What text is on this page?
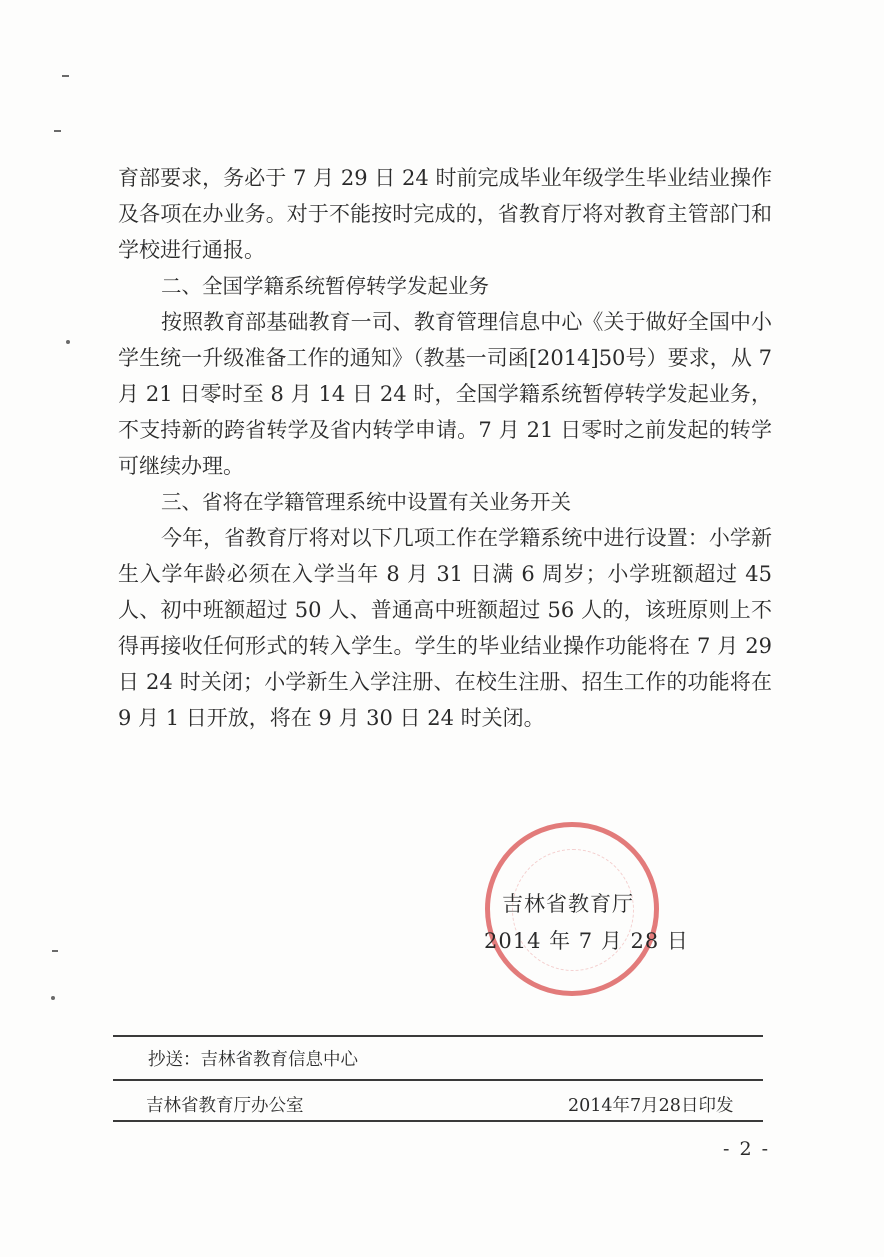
育部要求，务必于 7 月 29 日 24 时前完成毕业年级学生毕业结业操作及各项在办业务。对于不能按时完成的，省教育厅将对教育主管部门和学校进行通报。

二、全国学籍系统暂停转学发起业务

按照教育部基础教育一司、教育管理信息中心《关于做好全国中小学生统一升级准备工作的通知》（教基一司函[2014]50号）要求，从 7 月 21 日零时至 8 月 14 日 24 时，全国学籍系统暂停转学发起业务，不支持新的跨省转学及省内转学申请。7 月 21 日零时之前发起的转学可继续办理。

三、省将在学籍管理系统中设置有关业务开关

今年，省教育厅将对以下几项工作在学籍系统中进行设置：小学新生入学年龄必须在入学当年 8 月 31 日满 6 周岁；小学班额超过 45 人、初中班额超过 50 人、普通高中班额超过 56 人的，该班原则上不得再接收任何形式的转入学生。学生的毕业结业操作功能将在 7 月 29 日 24 时关闭；小学新生入学注册、在校生注册、招生工作的功能将在 9 月 1 日开放，将在 9 月 30 日 24 时关闭。

吉林省教育厅
2014 年 7 月 28 日
抄送：吉林省教育信息中心
吉林省教育厅办公室	2014年7月28日印发
- 2 -
